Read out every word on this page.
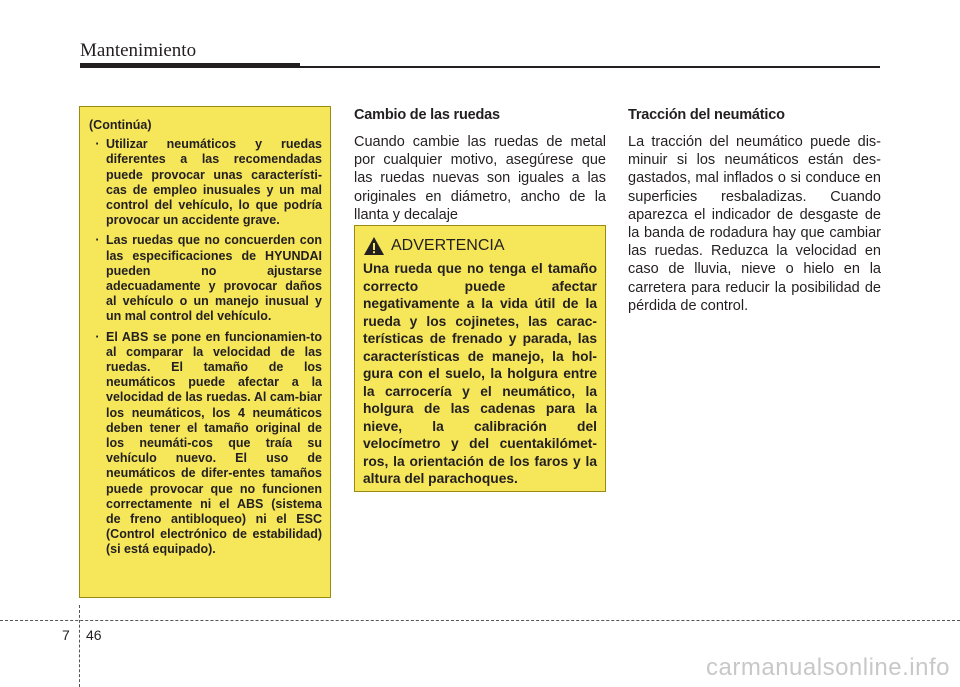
Mantenimiento
(Continúa)
· Utilizar neumáticos y ruedas diferentes a las recomendadas puede provocar unas característi-cas de empleo inusuales y un mal control del vehículo, lo que podría provocar un accidente grave.
· Las ruedas que no concuerden con las especificaciones de HYUNDAI pueden no ajustarse adecuadamente y provocar daños al vehículo o un manejo inusual y un mal control del vehículo.
· El ABS se pone en funcionamien-to al comparar la velocidad de las ruedas. El tamaño de los neumáticos puede afectar a la velocidad de las ruedas. Al cam-biar los neumáticos, los 4 neumáticos deben tener el tamaño original de los neumáti-cos que traía su vehículo nuevo. El uso de neumáticos de difer-entes tamaños puede provocar que no funcionen correctamente ni el ABS (sistema de freno antibloqueo) ni el ESC (Control electrónico de estabilidad) (si está equipado).
Cambio de las ruedas

Cuando cambie las ruedas de metal por cualquier motivo, asegúrese que las ruedas nuevas son iguales a las originales en diámetro, ancho de la llanta y decalaje

ADVERTENCIA

Una rueda que no tenga el tamaño correcto puede afectar negativamente a la vida útil de la rueda y los cojinetes, las carac-terísticas de frenado y parada, las características de manejo, la hol-gura con el suelo, la holgura entre la carrocería y el neumático, la holgura de las cadenas para la nieve, la calibración del velocímetro y del cuentakilómet-ros, la orientación de los faros y la altura del parachoques.

Tracción del neumático

La tracción del neumático puede dis-minuir si los neumáticos están des-gastados, mal inflados o si conduce en superficies resbaladizas. Cuando aparezca el indicador de desgaste de la banda de rodadura hay que cambiar las ruedas. Reduzca la velocidad en caso de lluvia, nieve o hielo en la carretera para reducir la posibilidad de pérdida de control.

7 46
carmanualsonline.info
